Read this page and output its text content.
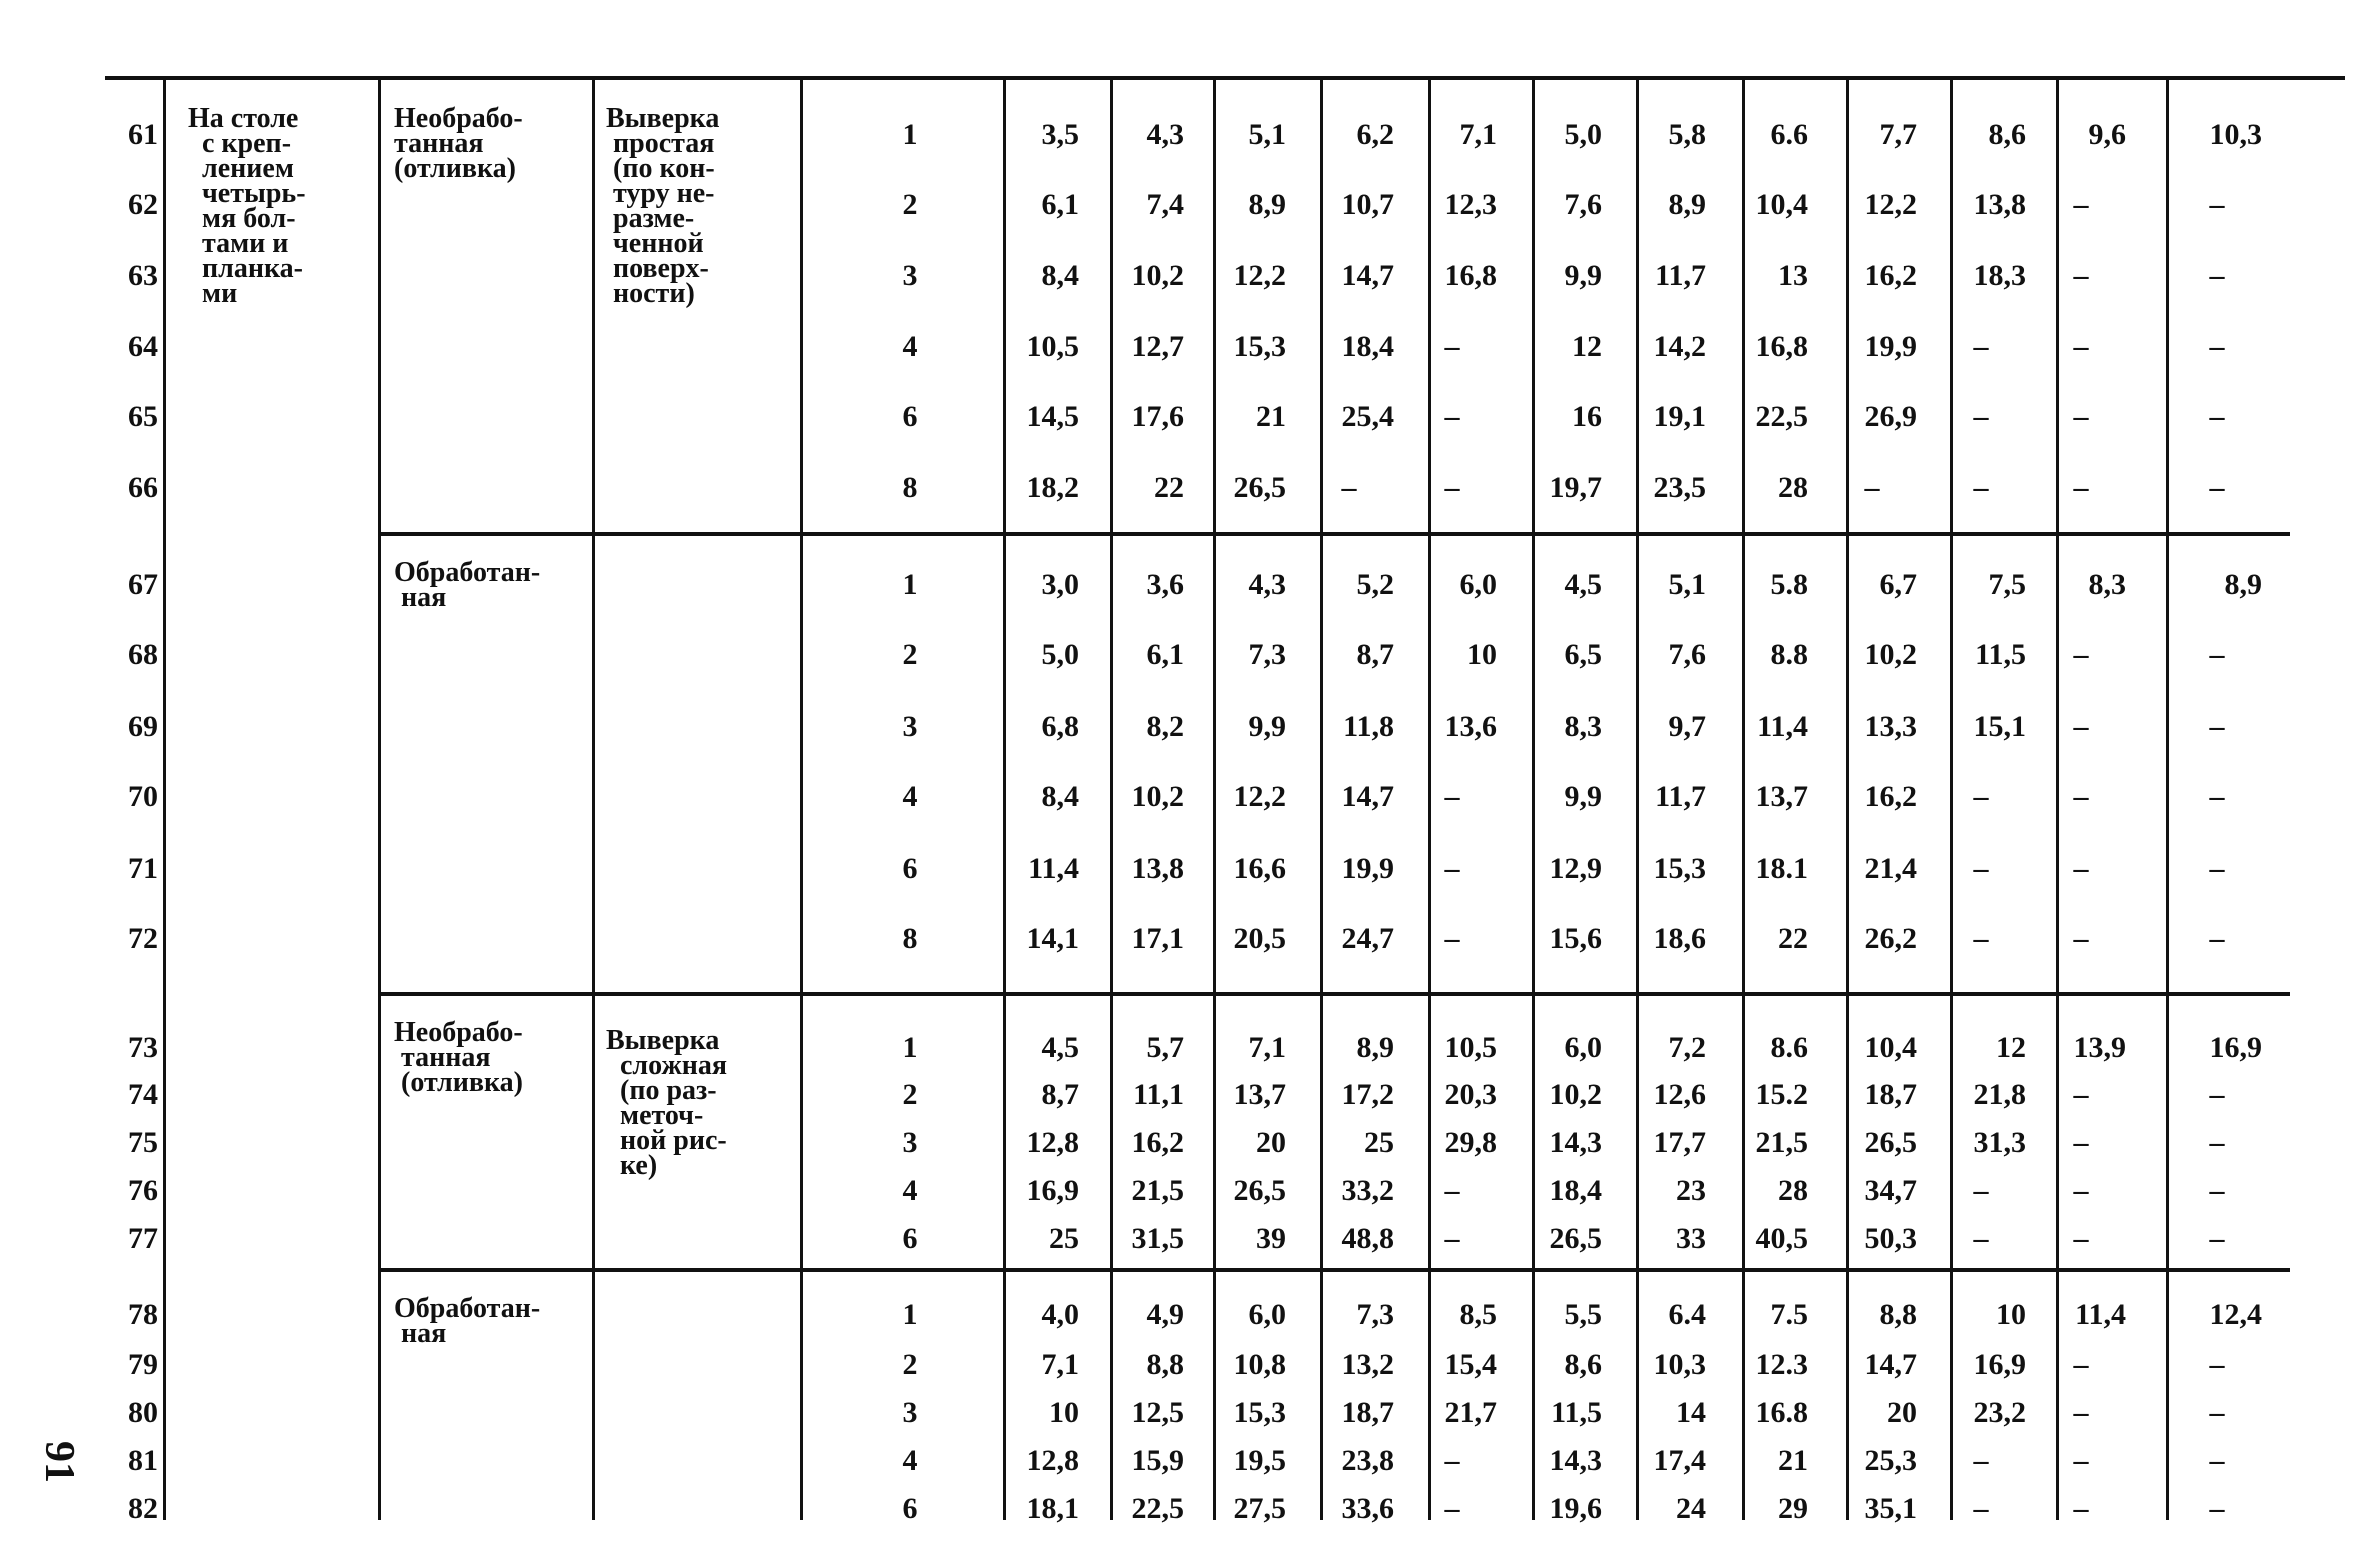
91
На столе
с креп-
лением
четырь-
мя бол-
тами и
планка-
ми
Необрабо-
танная
(отливка)
Выверка
простая
(по кон-
туру не-
разме-
ченной
поверх-
ности)
61	1	3,5	4,3	5,1	6,2	7,1	5,0	5,8	6.6	7,7	8,6	9,6	10,3
62	2	6,1	7,4	8,9	10,7	12,3	7,6	8,9	10,4	12,2	13,8	–	–
63	3	8,4	10,2	12,2	14,7	16,8	9,9	11,7	13	16,2	18,3	–	–
64	4	10,5	12,7	15,3	18,4	–	12	14,2	16,8	19,9	–	–	–
65	6	14,5	17,6	21	25,4	–	16	19,1	22,5	26,9	–	–	–
66	8	18,2	22	26,5	–	–	19,7	23,5	28	–	–	–	–
Обработан-
ная
67	1	3,0	3,6	4,3	5,2	6,0	4,5	5,1	5.8	6,7	7,5	8,3	8,9
68	2	5,0	6,1	7,3	8,7	10	6,5	7,6	8.8	10,2	11,5	–	–
69	3	6,8	8,2	9,9	11,8	13,6	8,3	9,7	11,4	13,3	15,1	–	–
70	4	8,4	10,2	12,2	14,7	–	9,9	11,7	13,7	16,2	–	–	–
71	6	11,4	13,8	16,6	19,9	–	12,9	15,3	18.1	21,4	–	–	–
72	8	14,1	17,1	20,5	24,7	–	15,6	18,6	22	26,2	–	–	–
Необрабо-
танная
(отливка)
Выверка
сложная
(по раз-
меточ-
ной рис-
ке)
73	1	4,5	5,7	7,1	8,9	10,5	6,0	7,2	8.6	10,4	12	13,9	16,9
74	2	8,7	11,1	13,7	17,2	20,3	10,2	12,6	15.2	18,7	21,8	–	–
75	3	12,8	16,2	20	25	29,8	14,3	17,7	21,5	26,5	31,3	–	–
76	4	16,9	21,5	26,5	33,2	–	18,4	23	28	34,7	–	–	–
77	6	25	31,5	39	48,8	–	26,5	33	40,5	50,3	–	–	–
Обработан-
ная
78	1	4,0	4,9	6,0	7,3	8,5	5,5	6.4	7.5	8,8	10	11,4	12,4
79	2	7,1	8,8	10,8	13,2	15,4	8,6	10,3	12.3	14,7	16,9	–	–
80	3	10	12,5	15,3	18,7	21,7	11,5	14	16.8	20	23,2	–	–
81	4	12,8	15,9	19,5	23,8	–	14,3	17,4	21	25,3	–	–	–
82	6	18,1	22,5	27,5	33,6	–	19,6	24	29	35,1	–	–	–
